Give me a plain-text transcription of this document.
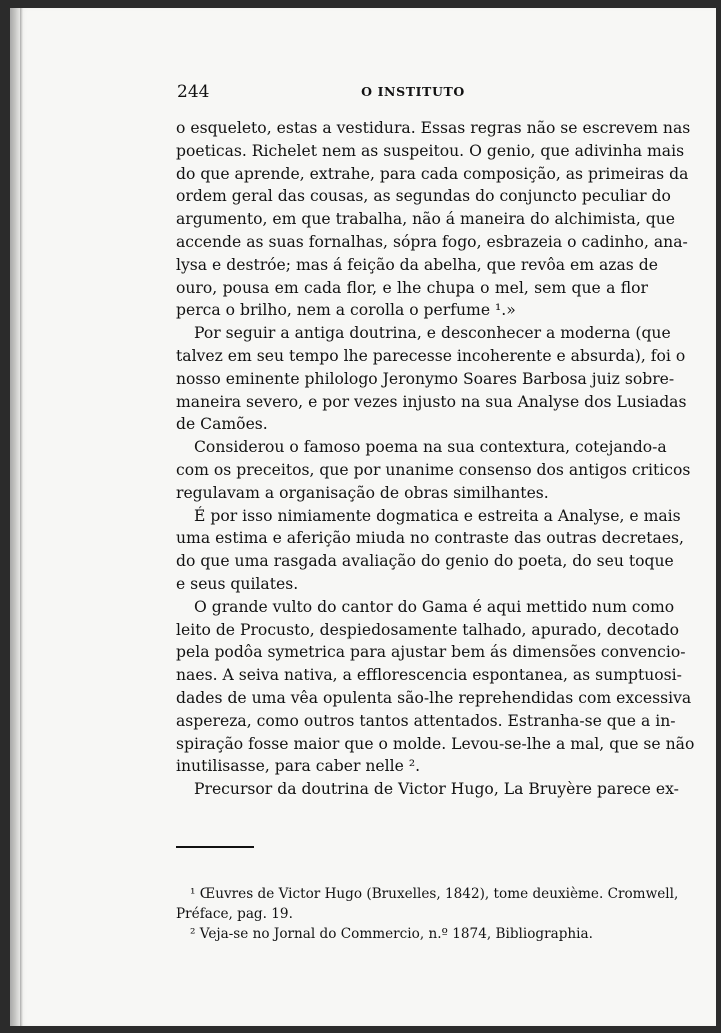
244	O INSTITUTO
o esqueleto, estas a vestidura. Essas regras não se escrevem nas
poeticas. Richelet nem as suspeitou. O genio, que adivinha mais
do que aprende, extrahe, para cada composição, as primeiras da
ordem geral das cousas, as segundas do conjuncto peculiar do
argumento, em que trabalha, não á maneira do alchimista, que
accende as suas fornalhas, sópra fogo, esbrazeia o cadinho, ana-
lysa e destróe; mas á feição da abelha, que revôa em azas de
ouro, pousa em cada flor, e lhe chupa o mel, sem que a flor
perca o brilho, nem a corolla o perfume ¹.»
Por seguir a antiga doutrina, e desconhecer a moderna (que
talvez em seu tempo lhe parecesse incoherente e absurda), foi o
nosso eminente philologo Jeronymo Soares Barbosa juiz sobre-
maneira severo, e por vezes injusto na sua Analyse dos Lusiadas
de Camões.
Considerou o famoso poema na sua contextura, cotejando-a
com os preceitos, que por unanime consenso dos antigos criticos
regulavam a organisação de obras similhantes.
É por isso nimiamente dogmatica e estreita a Analyse, e mais
uma estima e aferição miuda no contraste das outras decretaes,
do que uma rasgada avaliação do genio do poeta, do seu toque
e seus quilates.
O grande vulto do cantor do Gama é aqui mettido num como
leito de Procusto, despiedosamente talhado, apurado, decotado
pela podôa symetrica para ajustar bem ás dimensões convencio-
naes. A seiva nativa, a efflorescencia espontanea, as sumptuosi-
dades de uma vêa opulenta são-lhe reprehendidas com excessiva
aspereza, como outros tantos attentados. Estranha-se que a in-
spiração fosse maior que o molde. Levou-se-lhe a mal, que se não
inutilisasse, para caber nelle ².
Precursor da doutrina de Victor Hugo, La Bruyère parece ex-
¹ Œuvres de Victor Hugo (Bruxelles, 1842), tome deuxième. Cromwell,
Préface, pag. 19.
² Veja-se no Jornal do Commercio, n.º 1874, Bibliographia.
